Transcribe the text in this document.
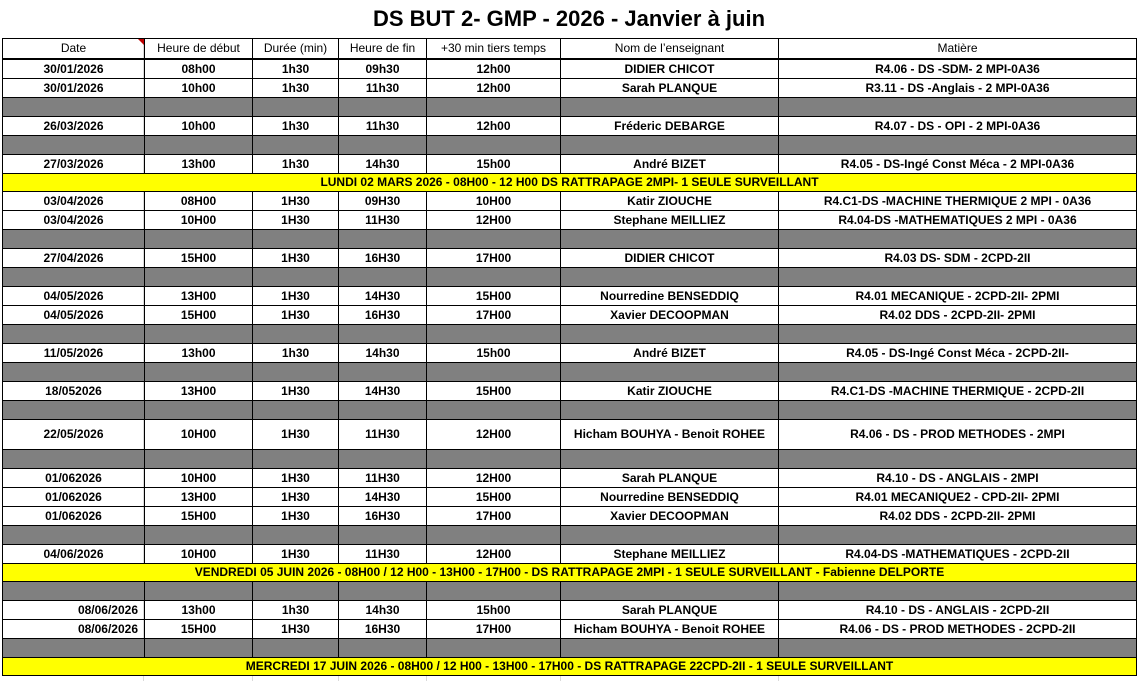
DS BUT 2- GMP - 2026 - Janvier à juin
Date	Heure de début	Durée (min)	Heure de fin	+30 min tiers temps	Nom de l’enseignant	Matière
30/01/2026	08h00	1h30	09h30	12h00	DIDIER CHICOT	R4.06 - DS -SDM- 2 MPI-0A36
30/01/2026	10h00	1h30	11h30	12h00	Sarah PLANQUE	R3.11 - DS -Anglais - 2 MPI-0A36

26/03/2026	10h00	1h30	11h30	12h00	Fréderic DEBARGE	R4.07 - DS - OPI - 2 MPI-0A36

27/03/2026	13h00	1h30	14h30	15h00	André BIZET	R4.05 - DS-Ingé Const Méca - 2 MPI-0A36
LUNDI 02 MARS 2026 - 08H00 - 12 H00 DS RATTRAPAGE 2MPI- 1 SEULE SURVEILLANT						
03/04/2026	08H00	1H30	09H30	10H00	Katir ZIOUCHE	R4.C1-DS -MACHINE THERMIQUE 2 MPI - 0A36
03/04/2026	10H00	1H30	11H30	12H00	Stephane MEILLIEZ	R4.04-DS -MATHEMATIQUES 2 MPI - 0A36

27/04/2026	15H00	1H30	16H30	17H00	DIDIER CHICOT	R4.03 DS- SDM - 2CPD-2II

04/05/2026	13H00	1H30	14H30	15H00	Nourredine BENSEDDIQ	R4.01 MECANIQUE - 2CPD-2II- 2PMI
04/05/2026	15H00	1H30	16H30	17H00	Xavier DECOOPMAN	R4.02 DDS - 2CPD-2II- 2PMI

11/05/2026	13h00	1h30	14h30	15h00	André BIZET	R4.05 - DS-Ingé Const Méca - 2CPD-2II-

18/052026	13H00	1H30	14H30	15H00	Katir ZIOUCHE	R4.C1-DS -MACHINE THERMIQUE - 2CPD-2II

22/05/2026	10H00	1H30	11H30	12H00	Hicham BOUHYA - Benoit ROHEE	R4.06 - DS - PROD METHODES - 2MPI

01/062026	10H00	1H30	11H30	12H00	Sarah PLANQUE	R4.10 - DS - ANGLAIS - 2MPI
01/062026	13H00	1H30	14H30	15H00	Nourredine BENSEDDIQ	R4.01 MECANIQUE2 - CPD-2II- 2PMI
01/062026	15H00	1H30	16H30	17H00	Xavier DECOOPMAN	R4.02 DDS - 2CPD-2II- 2PMI

04/06/2026	10H00	1H30	11H30	12H00	Stephane MEILLIEZ	R4.04-DS -MATHEMATIQUES - 2CPD-2II
VENDREDI 05 JUIN 2026 - 08H00 / 12 H00 - 13H00 - 17H00 - DS RATTRAPAGE 2MPI - 1 SEULE SURVEILLANT - Fabienne DELPORTE						

08/06/2026	13h00	1h30	14h30	15h00	Sarah PLANQUE	R4.10 - DS - ANGLAIS - 2CPD-2II
08/06/2026	15H00	1H30	16H30	17H00	Hicham BOUHYA - Benoit ROHEE	R4.06 - DS - PROD METHODES - 2CPD-2II

MERCREDI 17 JUIN 2026 - 08H00 / 12 H00 - 13H00 - 17H00 - DS RATTRAPAGE 22CPD-2II - 1 SEULE SURVEILLANT						
